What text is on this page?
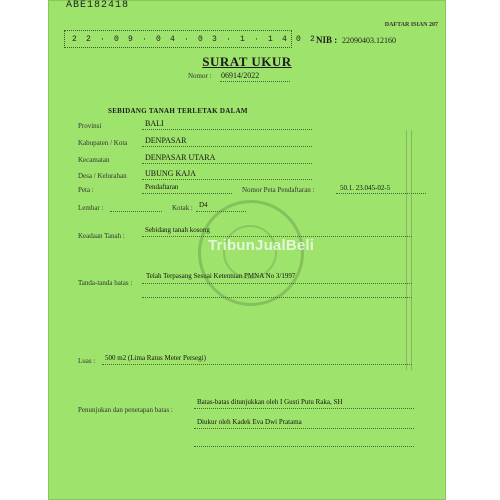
ABE182418
DAFTAR ISIAN 207
2 2 · 0 9 · 0 4 · 0 3 · 1 · 1 4 0 2
NIB : 22090403.12160
SURAT UKUR
Nomor : 06914/2022
SEBIDANG TANAH TERLETAK DALAM
Provinsi	BALI
Kabupaten / Kota DENPASAR
Kecamatan	DENPASAR UTARA
Desa / Kelurahan UBUNG KAJA
Peta :	Pendaftaran	Nomor Peta Pendaftaran :	50.1. 23.045-02-5
Lembar :	Kotak : D4
Keadaan Tanah :
Sebidang tanah kosong
Tanda-tanda batas :
Telah Terpasang Sesuai Ketentuan PMNA No 3/1997
Luas : 500 m2 (Lima Ratus Meter Persegi)
Penunjukan dan penetapan batas :
Batas-batas ditunjukkan oleh I Gusti Putu Raka, SH
Diukur oleh Kadek Eva Dwi Pratama
TribunJualBeli
